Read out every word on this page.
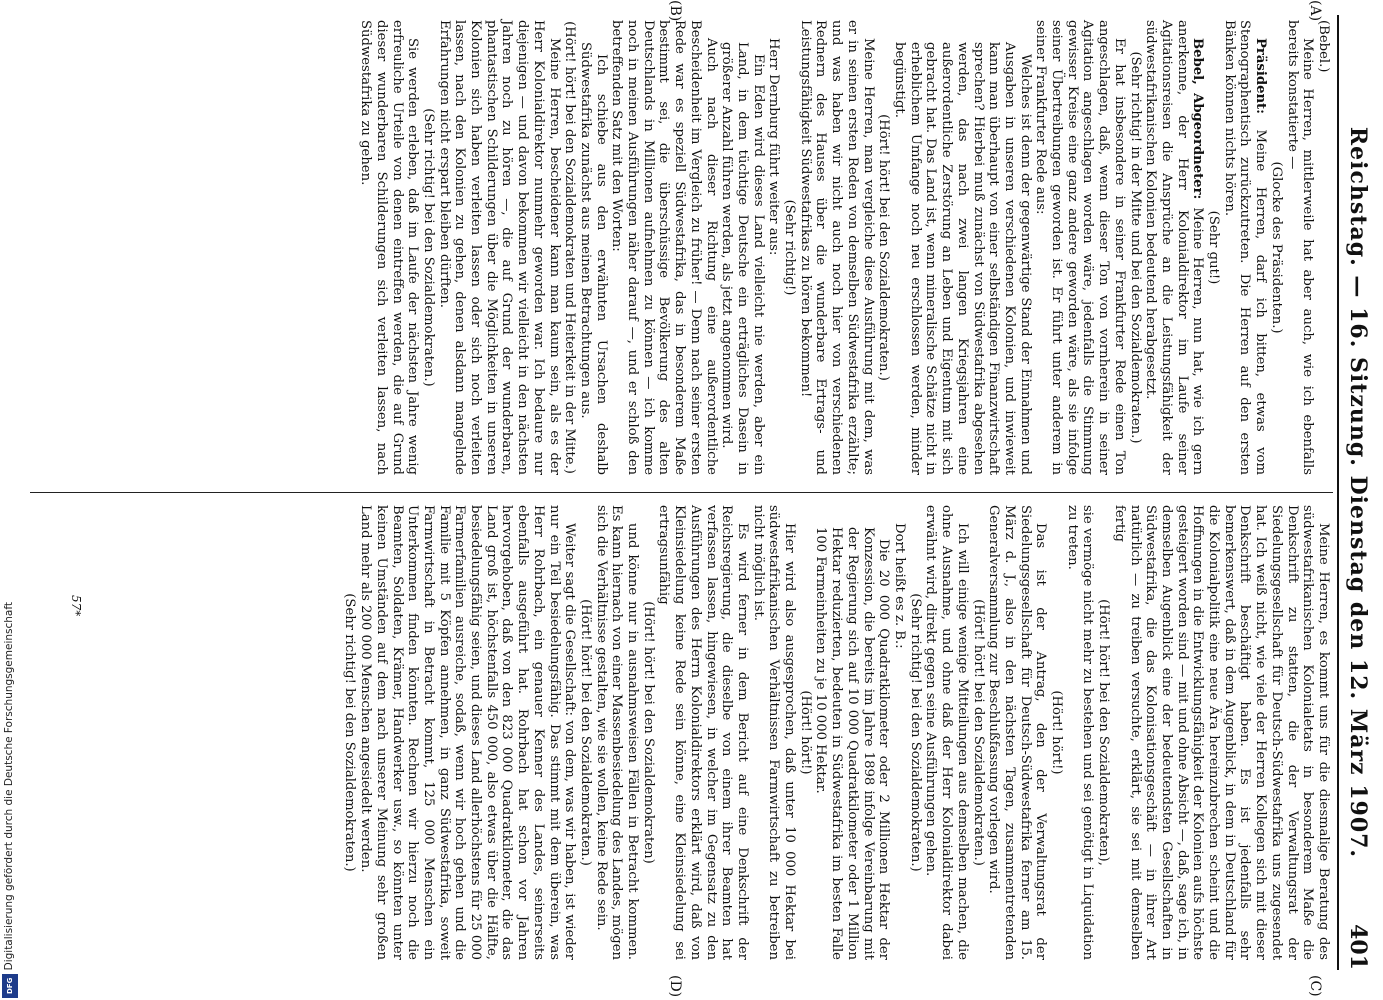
Reichstag. — 16. Sitzung. Dienstag den 12. März 1907.
401
(A)
(B)
(C)
(D)

(Bebel.)

Meine Herren, mittlerweile hat aber auch, wie ich ebenfalls bereits konstatierte —

(Glocke des Präsidenten.)

Präsident: Meine Herren, darf ich bitten, etwas vom Stenographentisch zurückzutreten. Die Herren auf den ersten Bänken können nichts hören.

(Sehr gut!)

Bebel, Abgeordneter: Meine Herren, nun hat, wie ich gern anerkenne, der Herr Kolonialdirektor im Laufe seiner Agitationsreisen die Ansprüche an die Leistungsfähigkeit der südwestafrikanischen Kolonien bedeutend herabgesetzt.

(Sehr richtig! in der Mitte und bei den Sozialdemokraten.)

Er hat insbesondere in seiner Frankfurter Rede einen Ton angeschlagen, daß, wenn dieser Ton von vornherein in seiner Agitation angeschlagen worden wäre, jedenfalls die Stimmung gewisser Kreise eine ganz andere geworden wäre, als sie infolge seiner Übertreibungen geworden ist. Er führt unter anderem in seiner Frankfurter Rede aus:

Welches ist denn der gegenwärtige Stand der Einnahmen und Ausgaben in unseren verschiedenen Kolonien, und inwieweit kann man überhaupt von einer selbständigen Finanzwirtschaft sprechen? Hierbei muß zunächst von Südwestafrika abgesehen werden, das nach zwei langen Kriegsjahren eine außerordentliche Zerstörung an Leben und Eigentum mit sich gebracht hat. Das Land ist, wenn mineralische Schätze nicht in erheblichem Umfange noch neu erschlossen werden, minder begünstigt.

(Hört! hört! bei den Sozialdemokraten.)

Meine Herren, man vergleiche diese Ausführung mit dem, was er in seinen ersten Reden von demselben Südwestafrika erzählte; und was haben wir nicht auch noch hier von verschiedenen Rednern des Hauses über die wunderbare Ertrags- und Leistungsfähigkeit Südwestafrikas zu hören bekommen!

(Sehr richtig!)

Herr Dernburg führt weiter aus:

Ein Eden wird dieses Land vielleicht nie werden, aber ein Land, in dem tüchtige Deutsche ein erträgliches Dasein in größerer Anzahl führen werden, als jetzt angenommen wird.

Auch nach dieser Richtung eine außerordentliche Bescheidenheit im Vergleich zu früher! — Denn nach seiner ersten Rede war es speziell Südwestafrika, das in besonderem Maße bestimmt sei, die überschüssige Bevölkerung des alten Deutschlands in Millionen aufnehmen zu können — ich komme noch in meinen Ausführungen näher darauf —, und er schloß den betreffenden Satz mit den Worten:

Ich schiebe aus den erwähnten Ursachen deshalb Südwestafrika zunächst aus meinen Betrachtungen aus.

(Hört! hört! bei den Sozialdemokraten und Heiterkeit in der Mitte.)

Meine Herren, bescheidener kann man kaum sein, als es der Herr Kolonialdirektor nunmehr geworden war. Ich bedaure nur diejenigen — und davon bekommen wir vielleicht in den nächsten Jahren noch zu hören —, die auf Grund der wunderbaren, phantastischen Schilderungen über die Möglichkeiten in unseren Kolonien sich haben verleiten lassen oder sich noch verleiten lassen, nach den Kolonien zu gehen, denen alsdann mangelnde Erfahrungen nicht erspart bleiben dürften.

(Sehr richtig! bei den Sozialdemokraten.)

Sie werden erleben, daß im Laufe der nächsten Jahre wenig erfreuliche Urteile von denen eintreffen werden, die auf Grund dieser wunderbaren Schilderungen sich verleiten lassen, nach Südwestafrika zu gehen.

Meine Herren, es kommt uns für die diesmalige Beratung des südwestafrikanischen Kolonialetats in besonderem Maße die Denkschrift zu statten, die der Verwaltungsrat der Siedelungsgesellschaft für Deutsch-Südwestafrika uns zugesendet hat. Ich weiß nicht, wie viele der Herren Kollegen sich mit dieser Denkschrift beschäftigt haben. Es ist jedenfalls sehr bemerkenswert, daß in dem Augenblick, in dem in Deutschland für die Kolonialpolitik eine neue Ära hereinzubrechen scheint und die Hoffnungen in die Entwicklungsfähigkeit der Kolonien aufs höchste gesteigert worden sind — mit und ohne Absicht —, daß, sage ich, in demselben Augenblick eine der bedeutendsten Gesellschaften in Südwestafrika, die das Kolonisationsgeschäft — in ihrer Art natürlich — zu treiben versuchte, erklärt, sie sei mit demselben fertig

(Hört! hört! bei den Sozialdemokraten),

sie vermöge nicht mehr zu bestehen und sei genötigt in Liquidation zu treten.

(Hört! hört!)

Das ist der Antrag, den der Verwaltungsrat der Siedelungsgesellschaft für Deutsch-Südwestafrika ferner am 15. März d. J., also in den nächsten Tagen, zusammentretenden Generalversammlung zur Beschlußfassung vorlegen wird.

(Hört! hört! bei den Sozialdemokraten.)

Ich will einige wenige Mitteilungen aus demselben machen, die ohne Ausnahme, und ohne daß der Herr Kolonialdirektor dabei erwähnt wird, direkt gegen seine Ausführungen gehen.

(Sehr richtig! bei den Sozialdemokraten.)

Dort heißt es z. B.:

Die 20 000 Quadratkilometer oder 2 Millionen Hektar der Konzession, die bereits im Jahre 1898 infolge Vereinbarung mit der Regierung sich auf 10 000 Quadratkilometer oder 1 Million Hektar reduzierten, bedeuten in Südwestafrika im besten Falle 100 Farmeinheiten zu je 10 000 Hektar.

(Hört! hört!)

Hier wird also ausgesprochen, daß unter 10 000 Hektar bei südwestafrikanischen Verhältnissen Farmwirtschaft zu betreiben nicht möglich ist.

Es wird ferner in dem Bericht auf eine Denkschrift der Reichsregierung, die dieselbe von einem ihrer Beamten hat verfassen lassen, hingewiesen, in welcher im Gegensatz zu den Ausführungen des Herrn Kolonialdirektors erklärt wird, daß von Kleinsiedelung keine Rede sein könne, eine Kleinsiedelung sei ertragsunfähig

(Hört! hört! bei den Sozialdemokraten)

und könne nur in ausnahmsweisen Fällen in Betracht kommen. Es kann hiernach von einer Massenbesiedelung des Landes, mögen sich die Verhältnisse gestalten, wie sie wollen, keine Rede sein.

(Hört! hört! bei den Sozialdemokraten.)

Weiter sagt die Gesellschaft: von dem, was wir haben, ist wieder nur ein Teil besiedelungsfähig. Das stimmt mit dem überein, was Herr Rohrbach, ein genauer Kenner des Landes, seinerseits ebenfalls ausgeführt hat. Rohrbach hat schon vor Jahren hervorgehoben, daß von den 823 000 Quadratkilometer, die das Land groß ist, höchstenfalls 450 000, also etwas über die Hälfte, besiedelungsfähig seien, und dieses Land allerhöchstens für 25 000 Farmerfamilien ausreiche, sodaß, wenn wir hoch gehen und die Familie mit 5 Köpfen annehmen, in ganz Südwestafrika, soweit Farmwirtschaft in Betracht kommt, 125 000 Menschen ein Unterkommen finden könnten. Rechnen wir hierzu noch die Beamten, Soldaten, Krämer, Handwerker usw., so könnten unter keinen Umständen auf dem nach unserer Meinung sehr großen Land mehr als 200 000 Menschen angesiedelt werden.

(Sehr richtig! bei den Sozialdemokraten.)

57*
Digitalisierung gefördert durch die Deutsche Forschungsgemeinschaft
DFG
